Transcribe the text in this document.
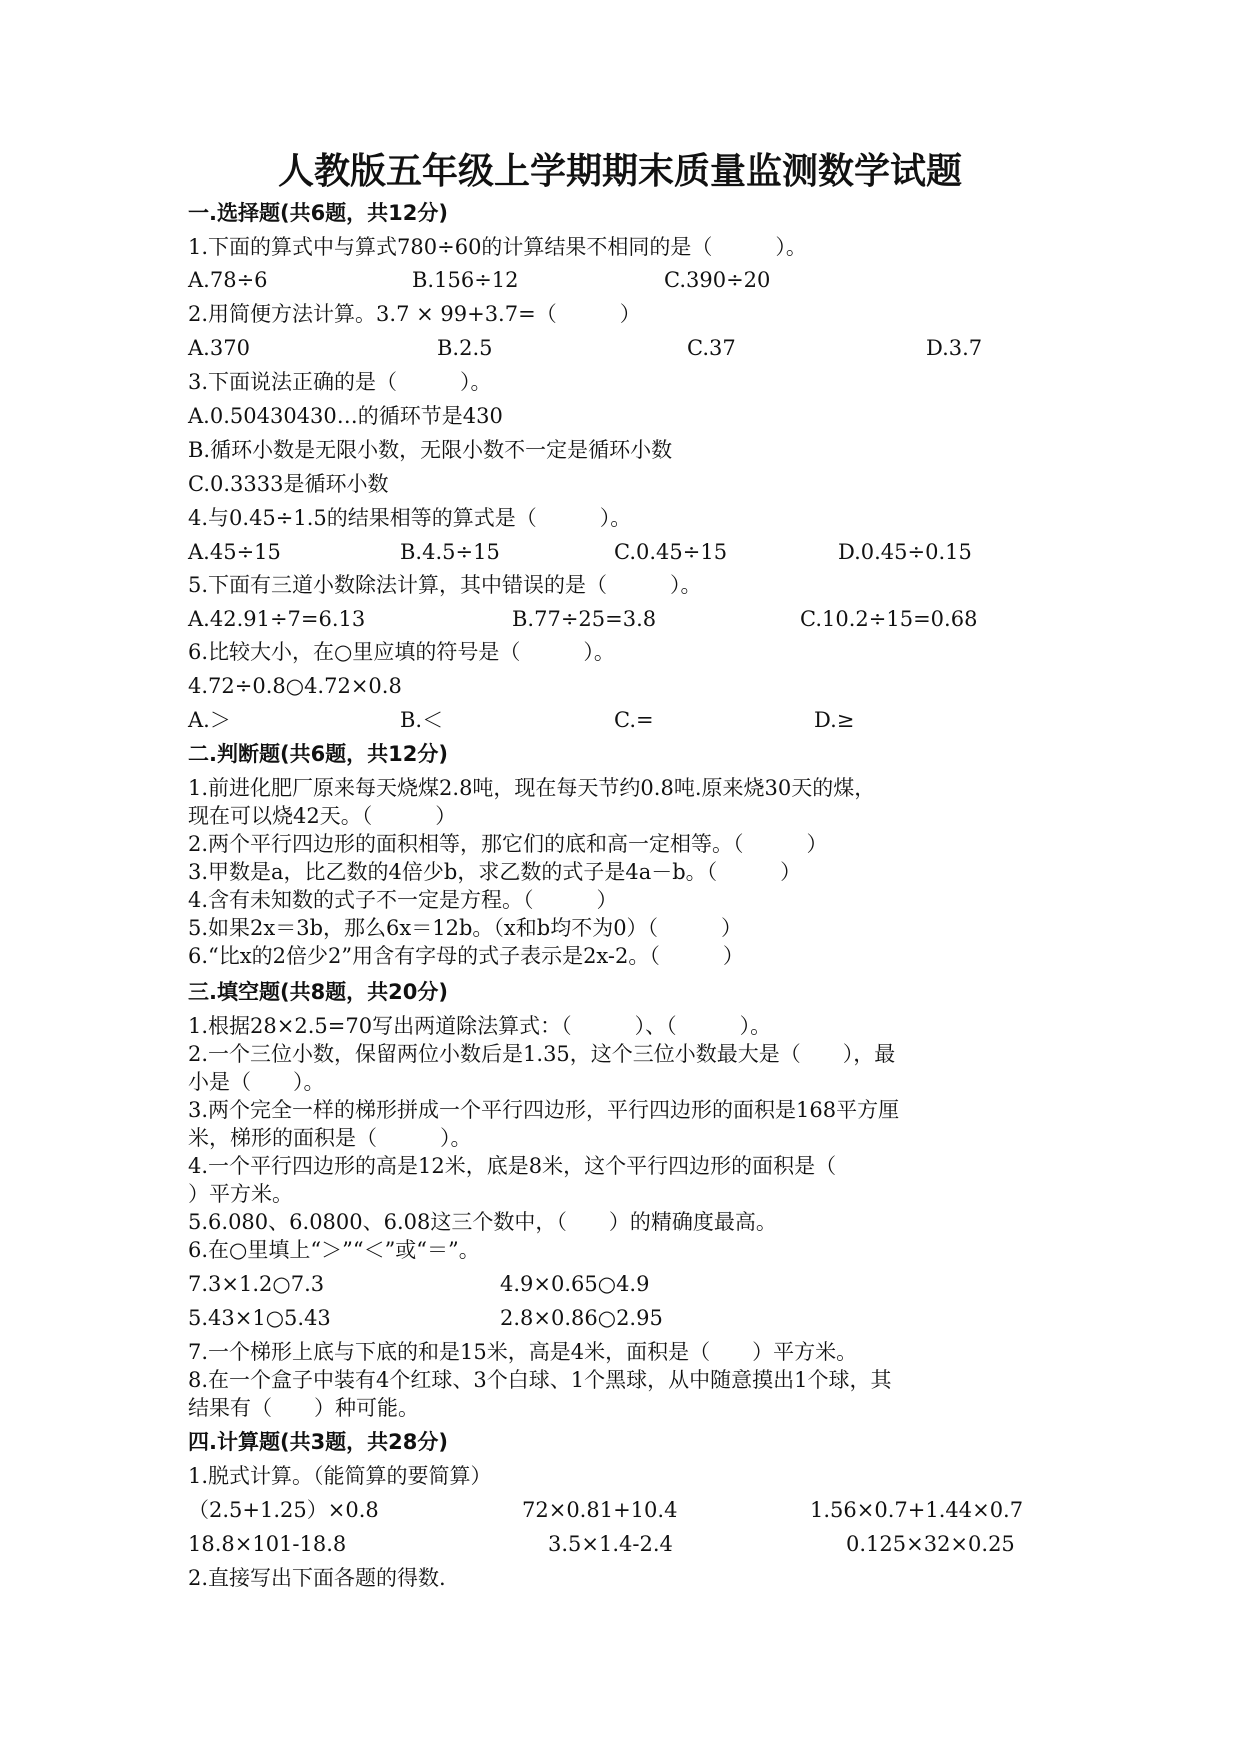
人教版五年级上学期期末质量监测数学试题
一.选择题(共6题，共12分)
1.下面的算式中与算式780÷60的计算结果不相同的是（　　　）。
A.78÷6	B.156÷12	C.390÷20
2.用简便方法计算。3.7 × 99+3.7=（　　　）
A.370	B.2.5	C.37	D.3.7
3.下面说法正确的是（　　　）。
A.0.50430430…的循环节是430
B.循环小数是无限小数，无限小数不一定是循环小数
C.0.3333是循环小数
4.与0.45÷1.5的结果相等的算式是（　　　）。
A.45÷15	B.4.5÷15	C.0.45÷15	D.0.45÷0.15
5.下面有三道小数除法计算，其中错误的是（　　　）。
A.42.91÷7=6.13	B.77÷25=3.8	C.10.2÷15=0.68
6.比较大小，在○里应填的符号是（　　　）。
4.72÷0.8○4.72×0.8
A.＞	B.＜	C.=	D.≥
二.判断题(共6题，共12分)
1.前进化肥厂原来每天烧煤2.8吨，现在每天节约0.8吨.原来烧30天的煤，
现在可以烧42天。（　　　）
2.两个平行四边形的面积相等，那它们的底和高一定相等。（　　　）
3.甲数是a，比乙数的4倍少b，求乙数的式子是4a－b。（　　　）
4.含有未知数的式子不一定是方程。（　　　）
5.如果2x＝3b，那么6x＝12b。（x和b均不为0）（　　　）
6.“比x的2倍少2”用含有字母的式子表示是2x-2。（　　　）
三.填空题(共8题，共20分)
1.根据28×2.5=70写出两道除法算式：（　　　）、（　　　）。
2.一个三位小数，保留两位小数后是1.35，这个三位小数最大是（　　），最
小是（　　）。
3.两个完全一样的梯形拼成一个平行四边形，平行四边形的面积是168平方厘
米，梯形的面积是（　　　）。
4.一个平行四边形的高是12米，底是8米，这个平行四边形的面积是（
）平方米。
5.6.080、6.0800、6.08这三个数中，（　　）的精确度最高。
6.在○里填上“＞”“＜”或“＝”。
7.3×1.2○7.3	4.9×0.65○4.9
5.43×1○5.43	2.8×0.86○2.95
7.一个梯形上底与下底的和是15米，高是4米，面积是（　　）平方米。
8.在一个盒子中装有4个红球、3个白球、1个黑球，从中随意摸出1个球，其
结果有（　　）种可能。
四.计算题(共3题，共28分)
1.脱式计算。（能简算的要简算）
（2.5+1.25）×0.8	72×0.81+10.4	1.56×0.7+1.44×0.7
18.8×101-18.8	3.5×1.4-2.4	0.125×32×0.25
2.直接写出下面各题的得数.
